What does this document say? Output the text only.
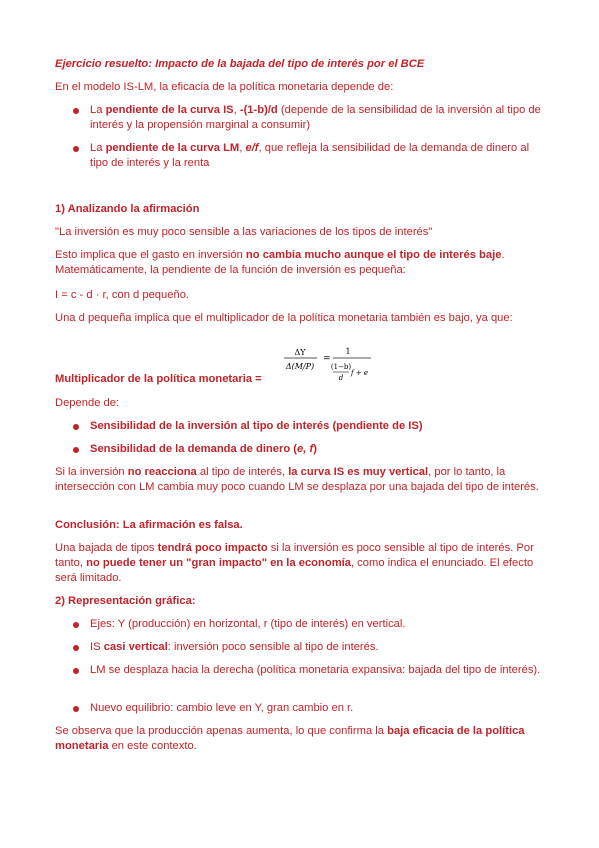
Ejercicio resuelto: Impacto de la bajada del tipo de interés por el BCE

En el modelo IS-LM, la eficacia de la política monetaria depende de:

La pendiente de la curva IS, -(1-b)/d (depende de la sensibilidad de la inversión al tipo de interés y la propensión marginal a consumir)

La pendiente de la curva LM, e/f, que refleja la sensibilidad de la demanda de dinero al tipo de interés y la renta

1) Analizando la afirmación

"La inversión es muy poco sensible a las variaciones de los tipos de interés"

Esto implica que el gasto en inversión no cambia mucho aunque el tipo de interés baje. Matemáticamente, la pendiente de la función de inversión es pequeña:

I = c - d · r, con d pequeño.

Una d pequeña implica que el multiplicador de la política monetaria también es bajo, ya que:

ΔY
Δ(M/P)
=
1
(1−b)
d
f + e

Multiplicador de la política monetaria =

Depende de:

Sensibilidad de la inversión al tipo de interés (pendiente de IS)

Sensibilidad de la demanda de dinero (e, f)

Si la inversión no reacciona al tipo de interés, la curva IS es muy vertical, por lo tanto, la intersección con LM cambia muy poco cuando LM se desplaza por una bajada del tipo de interés.

Conclusión: La afirmación es falsa.

Una bajada de tipos tendrá poco impacto si la inversión es poco sensible al tipo de interés. Por tanto, no puede tener un "gran impacto" en la economía, como indica el enunciado. El efecto será limitado.

2) Representación gráfica:

Ejes: Y (producción) en horizontal, r (tipo de interés) en vertical.

IS casi vertical: inversión poco sensible al tipo de interés.

LM se desplaza hacia la derecha (política monetaria expansiva: bajada del tipo de interés).

Nuevo equilibrio: cambio leve en Y, gran cambio en r.

Se observa que la producción apenas aumenta, lo que confirma la baja eficacia de la política monetaria en este contexto.
